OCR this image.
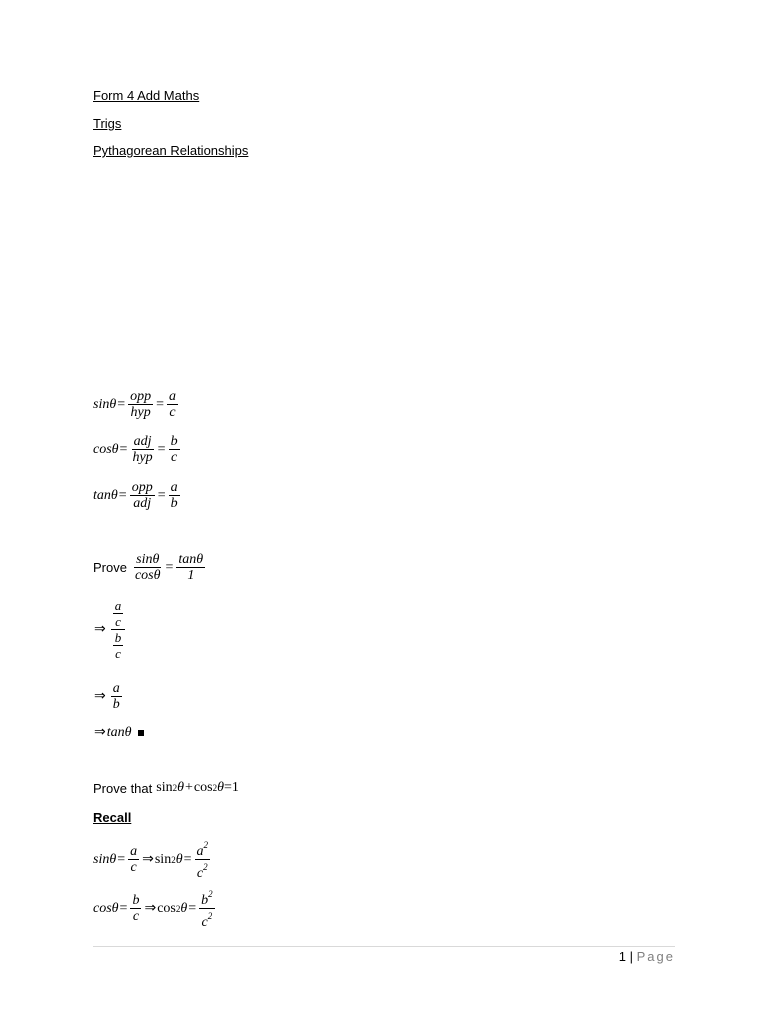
Form 4 Add Maths
Trigs
Pythagorean Relationships
$\sin\theta = \frac{\text{opp}}{\text{hyp}} = \frac{a}{c}$
$\cos\theta = \frac{\text{adj}}{\text{hyp}} = \frac{b}{c}$
$\tan\theta = \frac{\text{opp}}{\text{adj}} = \frac{a}{b}$
Prove $\frac{\sin\theta}{\cos\theta} = \frac{\tan\theta}{1}$
⇒ $\frac{\frac{a}{c}}{\frac{b}{c}}$
⇒ $\frac{a}{b}$
⇒ tanθ
Prove that sin 2 θ + cos 2 θ =1
Recall
$\sin\theta = \frac{a}{c}$ ⇒ sin 2 $\theta = \frac{a^2}{c^2}$
$\cos\theta = \frac{b}{c}$ ⇒ cos 2 $\theta = \frac{b^2}{c^2}$
1 | Page
